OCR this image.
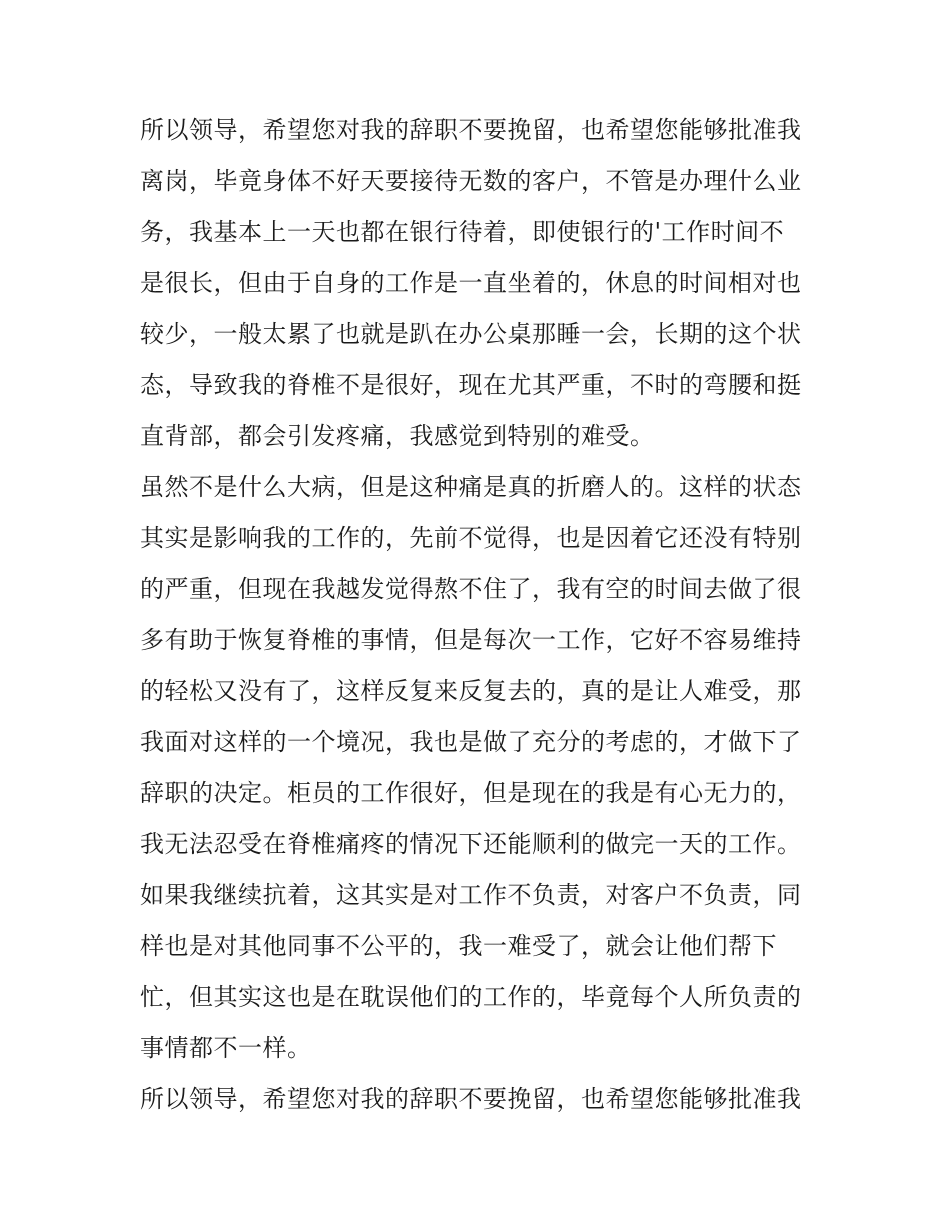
所以领导，希望您对我的辞职不要挽留，也希望您能够批准我
离岗，毕竟身体不好天要接待无数的客户，不管是办理什么业
务，我基本上一天也都在银行待着，即使银行的'工作时间不
是很长，但由于自身的工作是一直坐着的，休息的时间相对也
较少，一般太累了也就是趴在办公桌那睡一会，长期的这个状
态，导致我的脊椎不是很好，现在尤其严重，不时的弯腰和挺
直背部，都会引发疼痛，我感觉到特别的难受。
虽然不是什么大病，但是这种痛是真的折磨人的。这样的状态
其实是影响我的工作的，先前不觉得，也是因着它还没有特别
的严重，但现在我越发觉得熬不住了，我有空的时间去做了很
多有助于恢复脊椎的事情，但是每次一工作，它好不容易维持
的轻松又没有了，这样反复来反复去的，真的是让人难受，那
我面对这样的一个境况，我也是做了充分的考虑的，才做下了
辞职的决定。柜员的工作很好，但是现在的我是有心无力的，
我无法忍受在脊椎痛疼的情况下还能顺利的做完一天的工作。
如果我继续抗着，这其实是对工作不负责，对客户不负责，同
样也是对其他同事不公平的，我一难受了，就会让他们帮下
忙，但其实这也是在耽误他们的工作的，毕竟每个人所负责的
事情都不一样。
所以领导，希望您对我的辞职不要挽留，也希望您能够批准我
